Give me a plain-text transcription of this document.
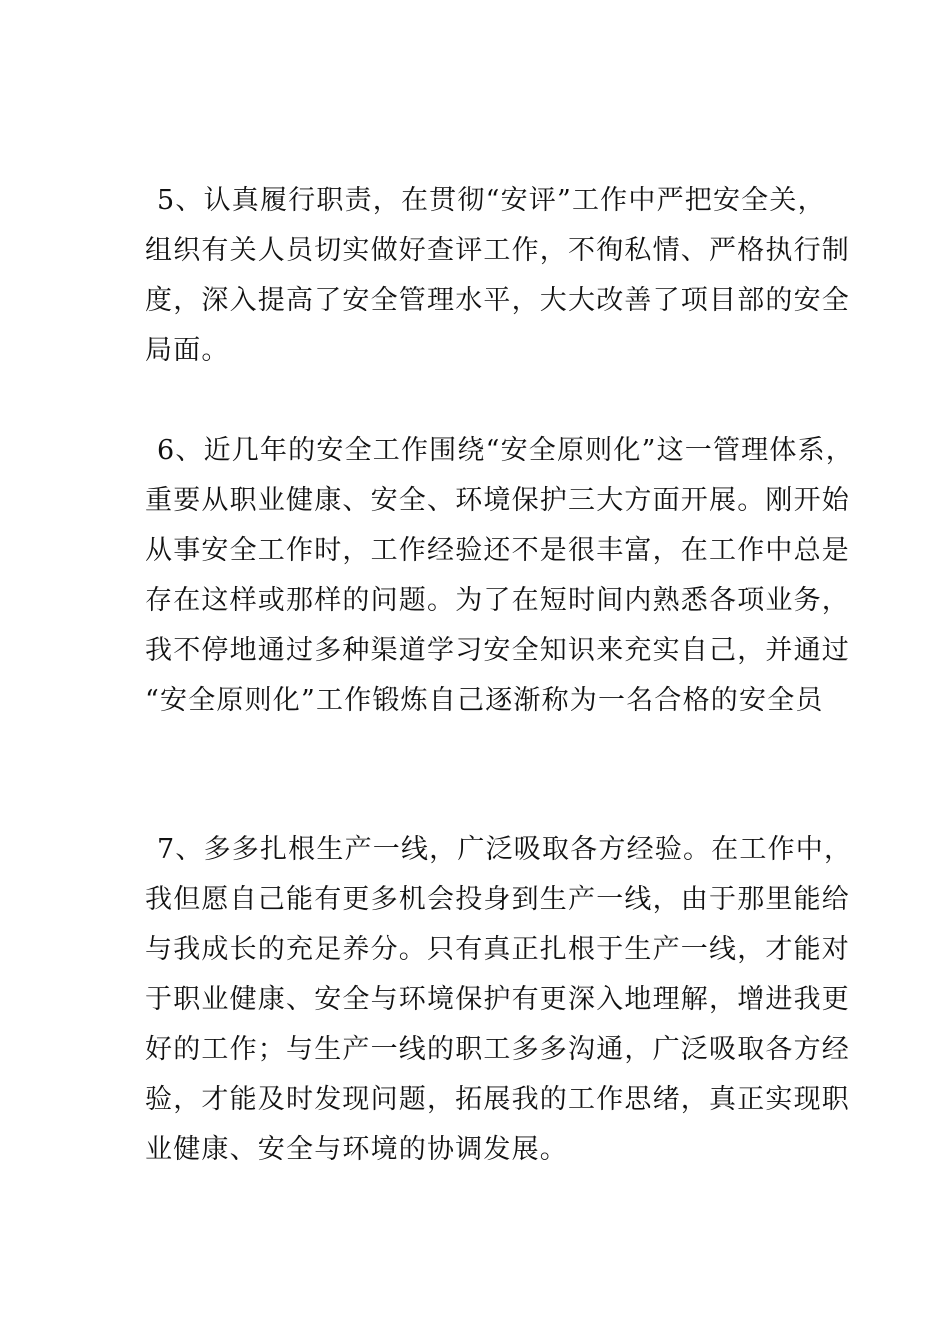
5、认真履行职责，在贯彻“安评”工作中严把安全关，
组织有关人员切实做好查评工作，不徇私情、严格执行制
度，深入提高了安全管理水平，大大改善了项目部的安全
局面。
6、近几年的安全工作围绕“安全原则化”这一管理体系，
重要从职业健康、安全、环境保护三大方面开展。刚开始
从事安全工作时，工作经验还不是很丰富，在工作中总是
存在这样或那样的问题。为了在短时间内熟悉各项业务，
我不停地通过多种渠道学习安全知识来充实自己，并通过
“安全原则化”工作锻炼自己逐渐称为一名合格的安全员
7、多多扎根生产一线，广泛吸取各方经验。在工作中，
我但愿自己能有更多机会投身到生产一线，由于那里能给
与我成长的充足养分。只有真正扎根于生产一线，才能对
于职业健康、安全与环境保护有更深入地理解，增进我更
好的工作；与生产一线的职工多多沟通，广泛吸取各方经
验，才能及时发现问题，拓展我的工作思绪，真正实现职
业健康、安全与环境的协调发展。
